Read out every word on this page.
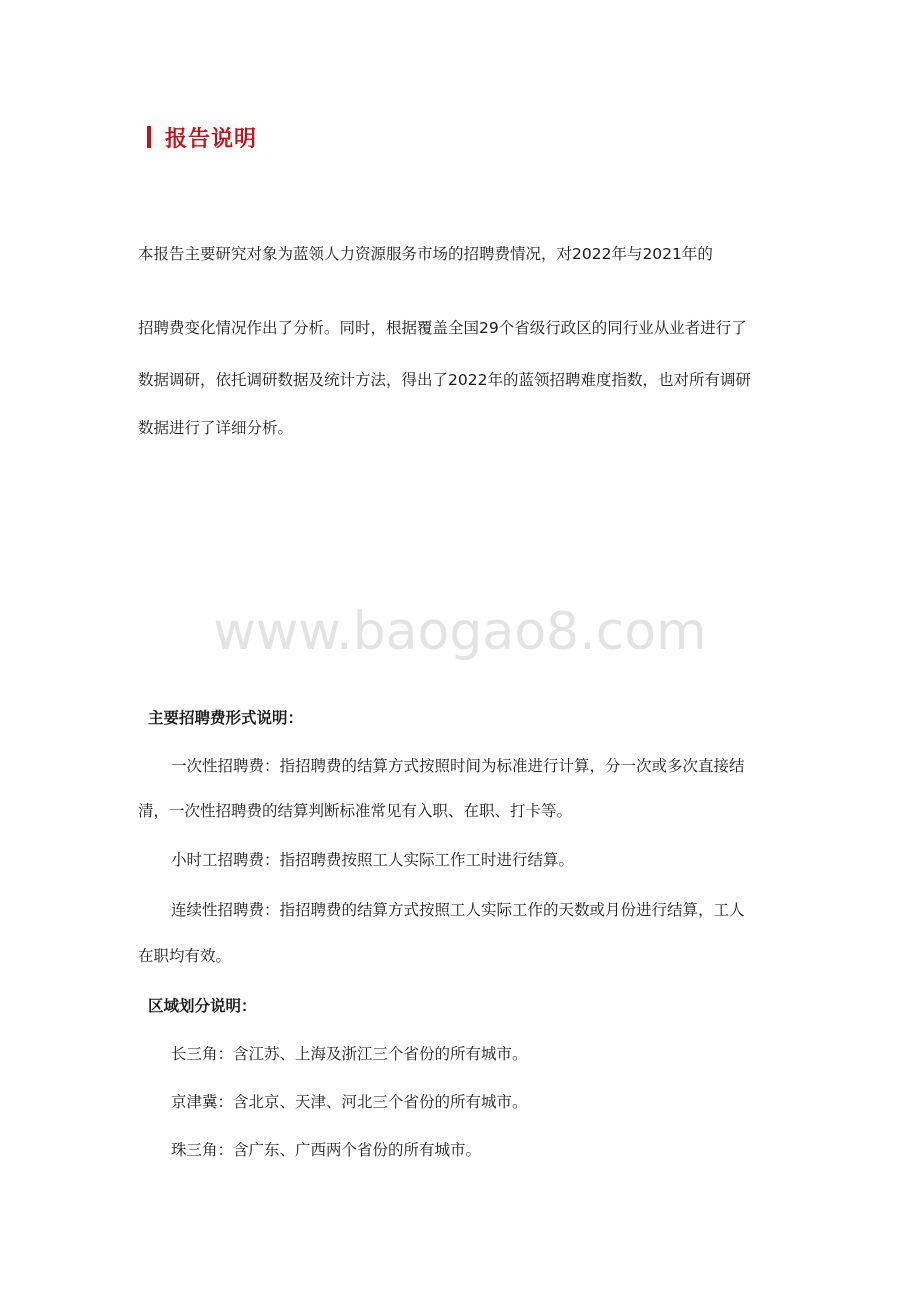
报告说明
本报告主要研究对象为蓝领人力资源服务市场的招聘费情况，对2022年与2021年的
招聘费变化情况作出了分析。同时，根据覆盖全国29个省级行政区的同行业从业者进行了
数据调研，依托调研数据及统计方法，得出了2022年的蓝领招聘难度指数，也对所有调研
数据进行了详细分析。
www.baogao8.com
主要招聘费形式说明：
一次性招聘费：指招聘费的结算方式按照时间为标准进行计算，分一次或多次直接结
清，一次性招聘费的结算判断标准常见有入职、在职、打卡等。
小时工招聘费：指招聘费按照工人实际工作工时进行结算。
连续性招聘费：指招聘费的结算方式按照工人实际工作的天数或月份进行结算，工人
在职均有效。
区域划分说明：
长三角：含江苏、上海及浙江三个省份的所有城市。
京津冀：含北京、天津、河北三个省份的所有城市。
珠三角：含广东、广西两个省份的所有城市。
